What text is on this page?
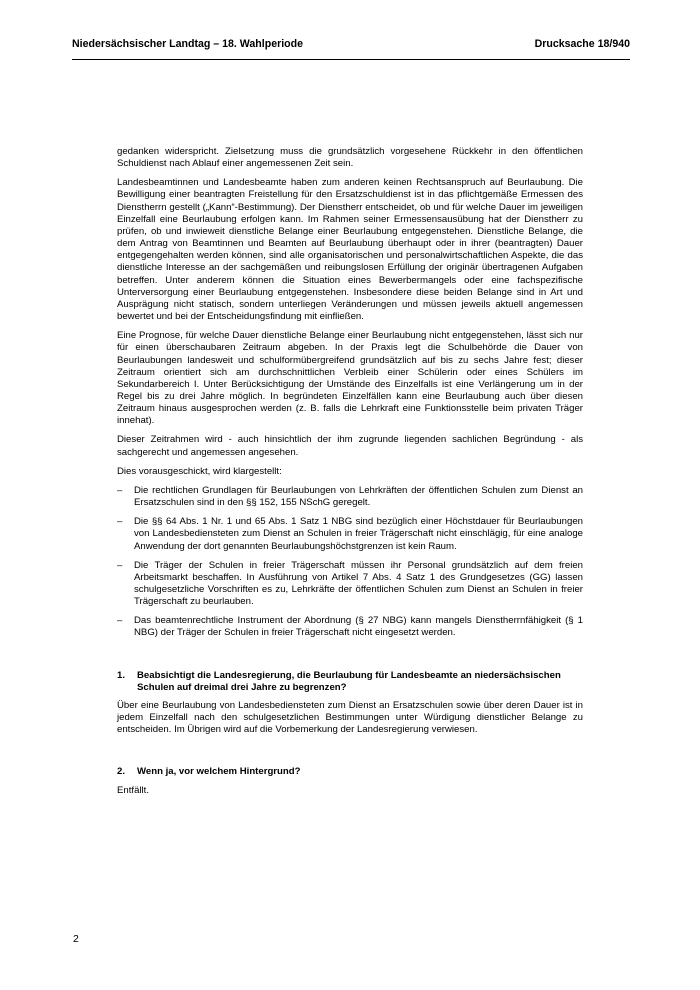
Niedersächsischer Landtag – 18. Wahlperiode	Drucksache 18/940

gedanken widerspricht. Zielsetzung muss die grundsätzlich vorgesehene Rückkehr in den öffentlichen Schuldienst nach Ablauf einer angemessenen Zeit sein.

Landesbeamtinnen und Landesbeamte haben zum anderen keinen Rechtsanspruch auf Beurlaubung. Die Bewilligung einer beantragten Freistellung für den Ersatzschuldienst ist in das pflichtgemäße Ermessen des Dienstherrn gestellt („Kann“-Bestimmung). Der Dienstherr entscheidet, ob und für welche Dauer im jeweiligen Einzelfall eine Beurlaubung erfolgen kann. Im Rahmen seiner Ermessensausübung hat der Dienstherr zu prüfen, ob und inwieweit dienstliche Belange einer Beurlaubung entgegenstehen. Dienstliche Belange, die dem Antrag von Beamtinnen und Beamten auf Beurlaubung überhaupt oder in ihrer (beantragten) Dauer entgegengehalten werden können, sind alle organisatorischen und personalwirtschaftlichen Aspekte, die das dienstliche Interesse an der sachgemäßen und reibungslosen Erfüllung der originär übertragenen Aufgaben betreffen. Unter anderem können die Situation eines Bewerbermangels oder eine fachspezifische Unterversorgung einer Beurlaubung entgegenstehen. Insbesondere diese beiden Belange sind in Art und Ausprägung nicht statisch, sondern unterliegen Veränderungen und müssen jeweils aktuell angemessen bewertet und bei der Entscheidungsfindung mit einfließen.

Eine Prognose, für welche Dauer dienstliche Belange einer Beurlaubung nicht entgegenstehen, lässt sich nur für einen überschaubaren Zeitraum abgeben. In der Praxis legt die Schulbehörde die Dauer von Beurlaubungen landesweit und schulformübergreifend grundsätzlich auf bis zu sechs Jahre fest; dieser Zeitraum orientiert sich am durchschnittlichen Verbleib einer Schülerin oder eines Schülers im Sekundarbereich I. Unter Berücksichtigung der Umstände des Einzelfalls ist eine Verlängerung um in der Regel bis zu drei Jahre möglich. In begründeten Einzelfällen kann eine Beurlaubung auch über diesen Zeitraum hinaus ausgesprochen werden (z. B. falls die Lehrkraft eine Funktionsstelle beim privaten Träger innehat).

Dieser Zeitrahmen wird - auch hinsichtlich der ihm zugrunde liegenden sachlichen Begründung - als sachgerecht und angemessen angesehen.

Dies vorausgeschickt, wird klargestellt:

–	Die rechtlichen Grundlagen für Beurlaubungen von Lehrkräften der öffentlichen Schulen zum Dienst an Ersatzschulen sind in den §§ 152, 155 NSchG geregelt.
–	Die §§ 64 Abs. 1 Nr. 1 und 65 Abs. 1 Satz 1 NBG sind bezüglich einer Höchstdauer für Beurlaubungen von Landesbediensteten zum Dienst an Schulen in freier Trägerschaft nicht einschlägig, für eine analoge Anwendung der dort genannten Beurlaubungshöchstgrenzen ist kein Raum.
–	Die Träger der Schulen in freier Trägerschaft müssen ihr Personal grundsätzlich auf dem freien Arbeitsmarkt beschaffen. In Ausführung von Artikel 7 Abs. 4 Satz 1 des Grundgesetzes (GG) lassen schulgesetzliche Vorschriften es zu, Lehrkräfte der öffentlichen Schulen zum Dienst an Schulen in freier Trägerschaft zu beurlauben.
–	Das beamtenrechtliche Instrument der Abordnung (§ 27 NBG) kann mangels Dienstherrnfähigkeit (§ 1 NBG) der Träger der Schulen in freier Trägerschaft nicht eingesetzt werden.
1.	Beabsichtigt die Landesregierung, die Beurlaubung für Landesbeamte an niedersächsischen Schulen auf dreimal drei Jahre zu begrenzen?

Über eine Beurlaubung von Landesbediensteten zum Dienst an Ersatzschulen sowie über deren Dauer ist in jedem Einzelfall nach den schulgesetzlichen Bestimmungen unter Würdigung dienstlicher Belange zu entscheiden. Im Übrigen wird auf die Vorbemerkung der Landesregierung verwiesen.

2.	Wenn ja, vor welchem Hintergrund?

Entfällt.

2
